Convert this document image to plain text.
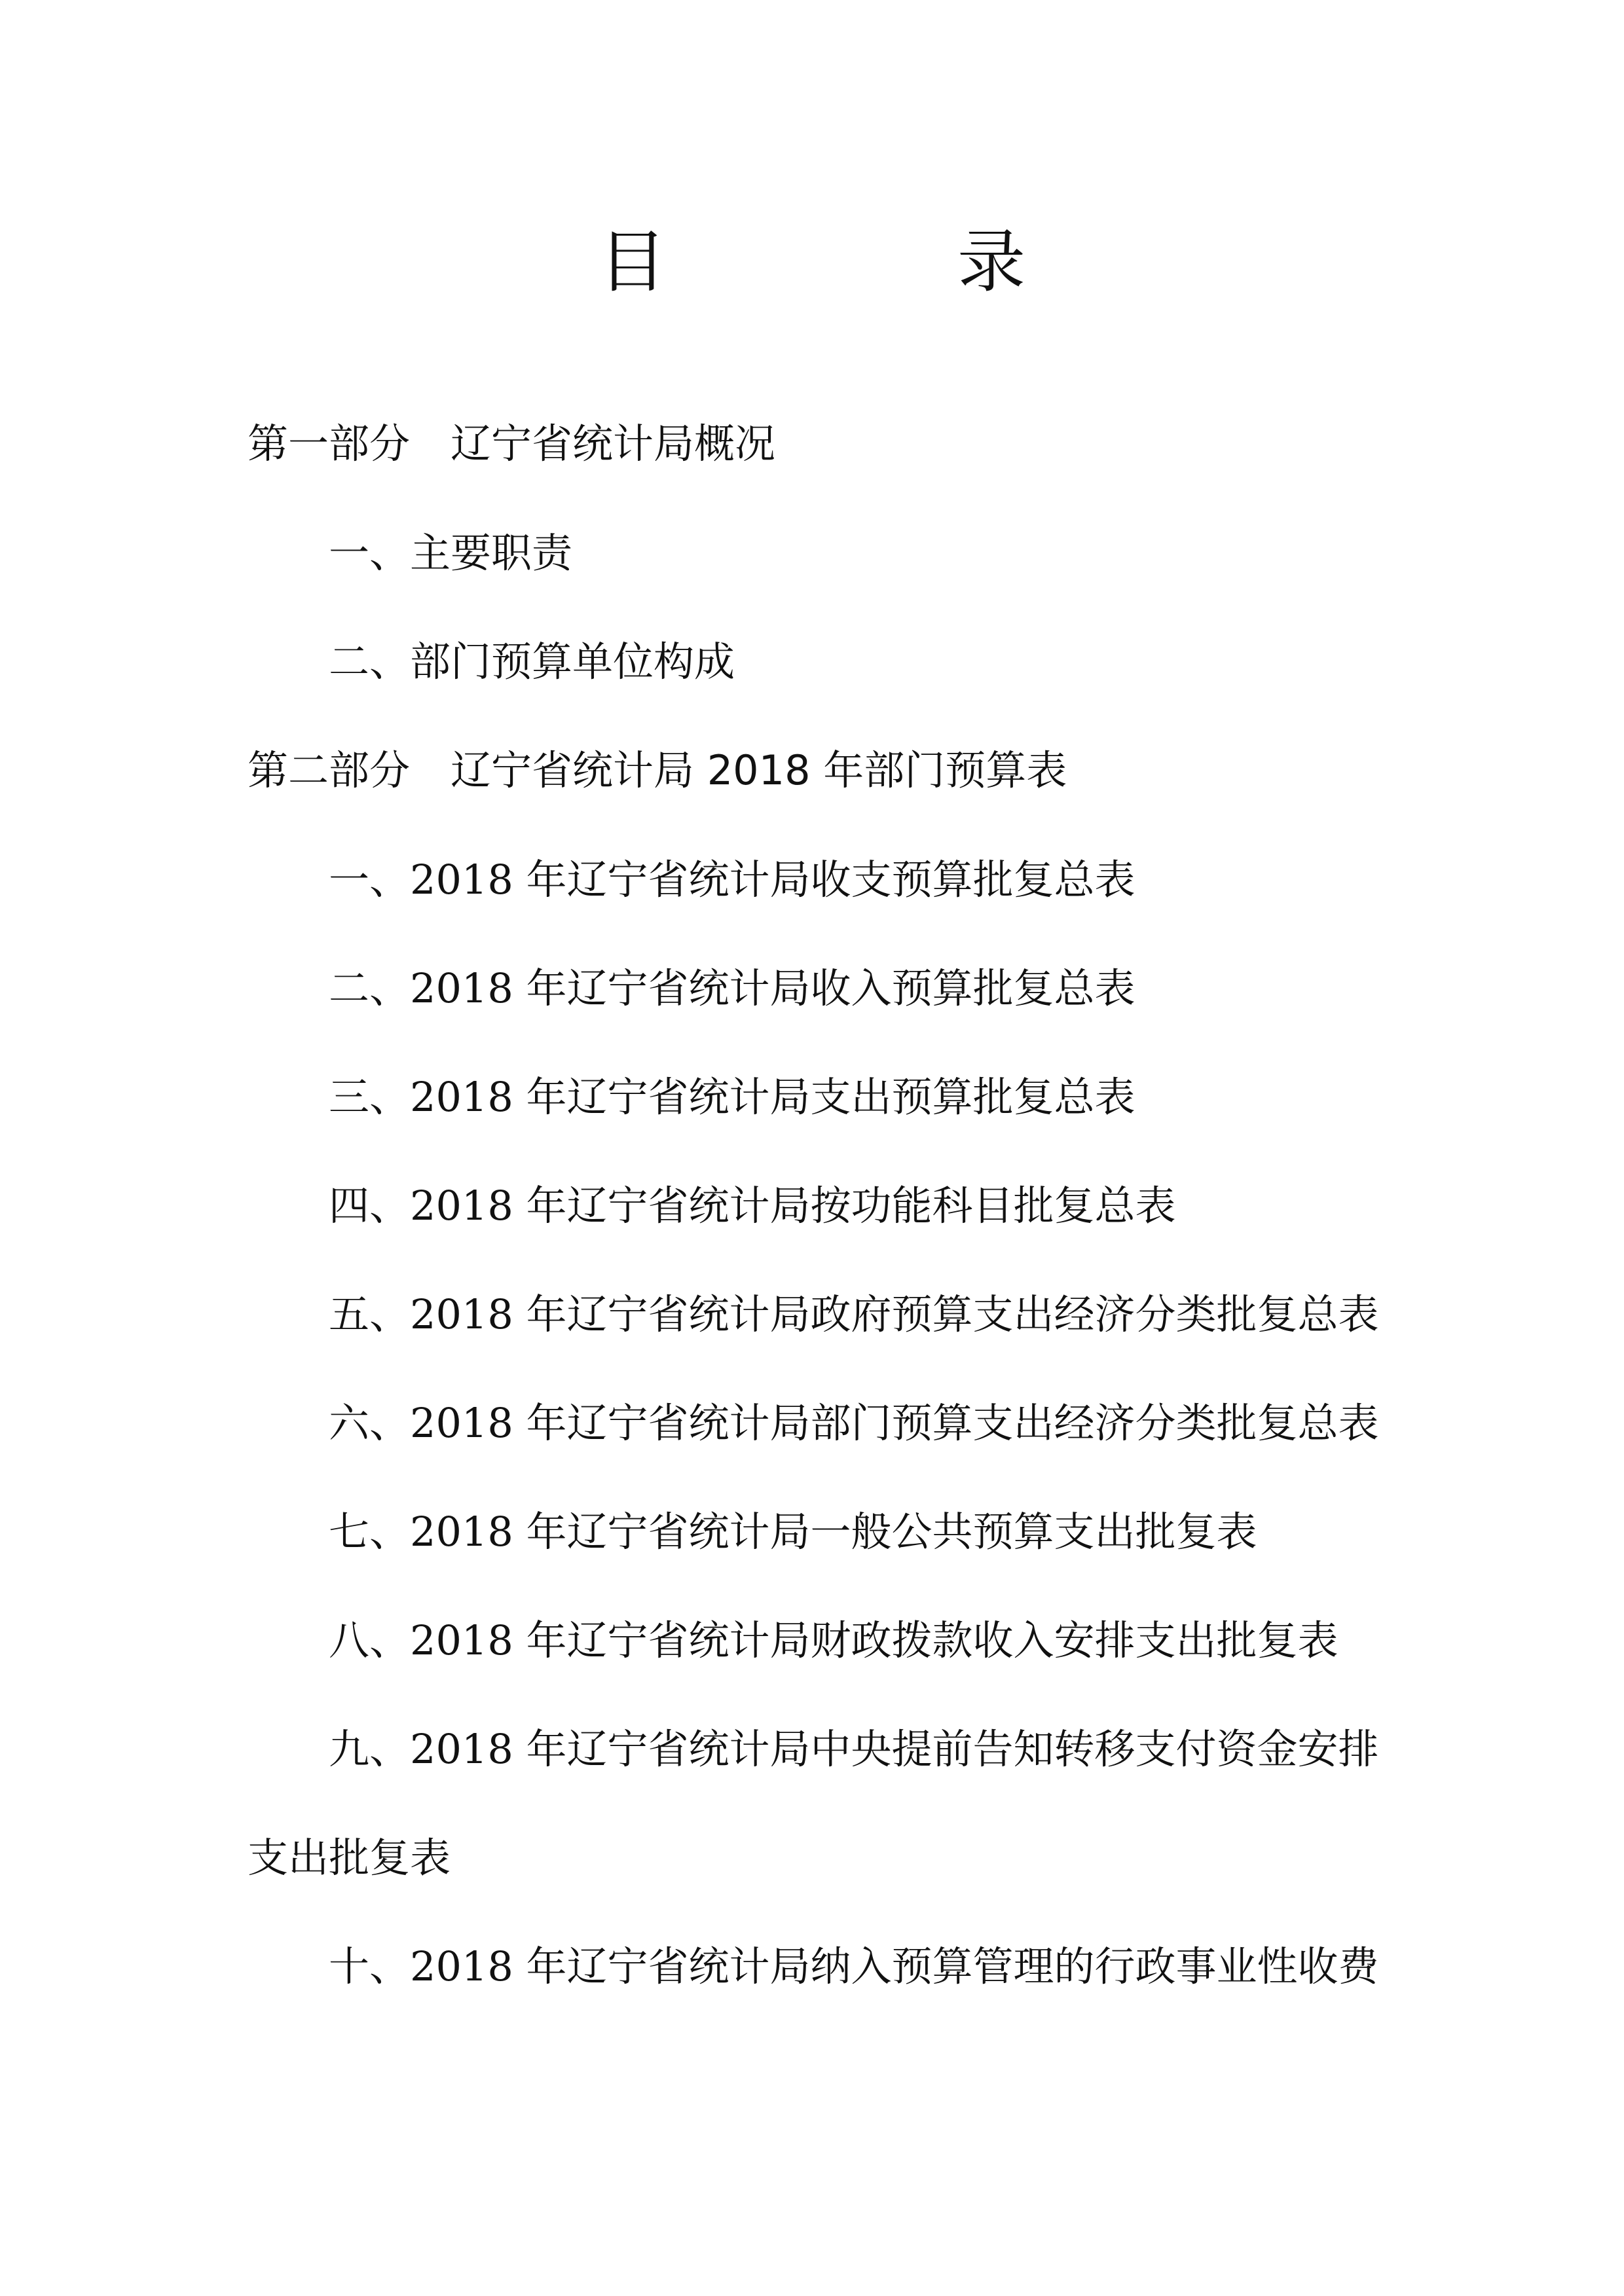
目　录
第一部分 辽宁省统计局概况
一、主要职责
二、部门预算单位构成
第二部分 辽宁省统计局 2018 年部门预算表
一、2018 年辽宁省统计局收支预算批复总表
二、2018 年辽宁省统计局收入预算批复总表
三、2018 年辽宁省统计局支出预算批复总表
四、2018 年辽宁省统计局按功能科目批复总表
五、2018 年辽宁省统计局政府预算支出经济分类批复总表
六、2018 年辽宁省统计局部门预算支出经济分类批复总表
七、2018 年辽宁省统计局一般公共预算支出批复表
八、2018 年辽宁省统计局财政拨款收入安排支出批复表
九、2018 年辽宁省统计局中央提前告知转移支付资金安排
支出批复表
十、2018 年辽宁省统计局纳入预算管理的行政事业性收费
